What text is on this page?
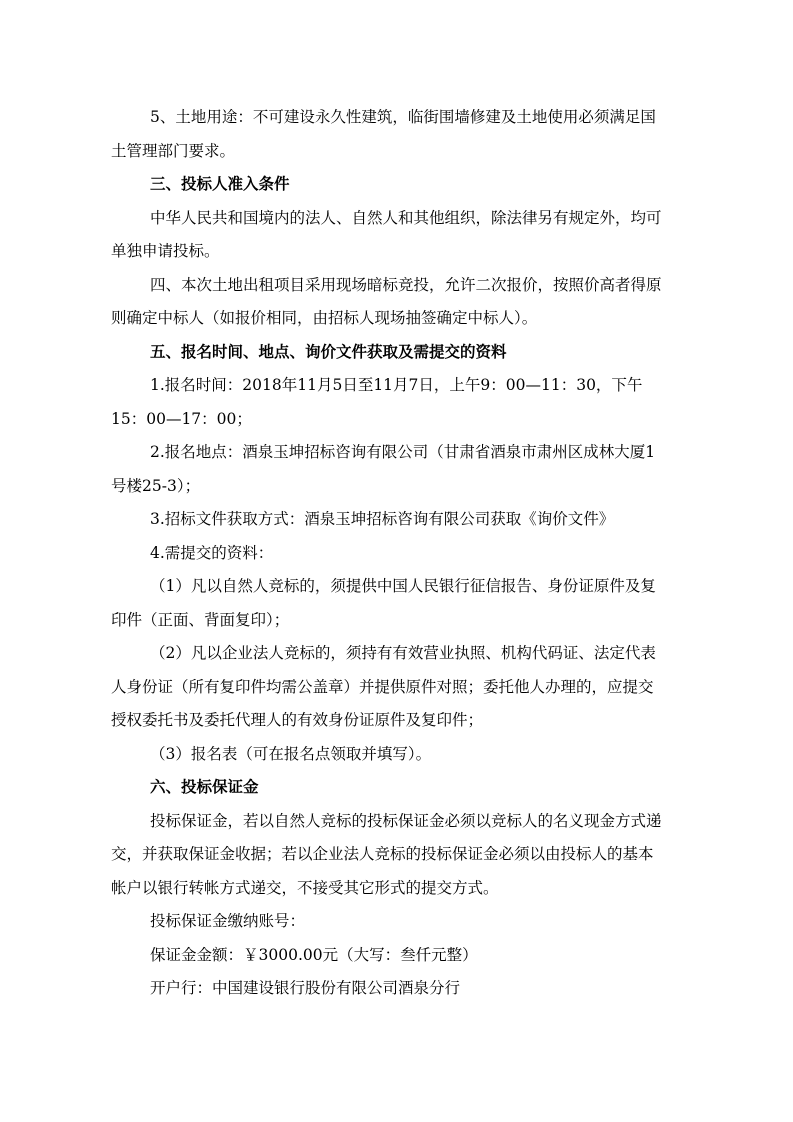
5、土地用途：不可建设永久性建筑，临街围墙修建及土地使用必须满足国
土管理部门要求。
三、投标人准入条件
中华人民共和国境内的法人、自然人和其他组织，除法律另有规定外，均可
单独申请投标。
四、本次土地出租项目采用现场暗标竞投，允许二次报价，按照价高者得原
则确定中标人（如报价相同，由招标人现场抽签确定中标人）。
五、报名时间、地点、询价文件获取及需提交的资料
1.报名时间：2018年11月5日至11月7日，上午9：00—11：30，下午
15：00—17：00；
2.报名地点：酒泉玉坤招标咨询有限公司（甘肃省酒泉市肃州区成林大厦1
号楼25-3）；
3.招标文件获取方式：酒泉玉坤招标咨询有限公司获取《询价文件》
4.需提交的资料：
（1）凡以自然人竞标的，须提供中国人民银行征信报告、身份证原件及复
印件（正面、背面复印）；
（2）凡以企业法人竞标的，须持有有效营业执照、机构代码证、法定代表
人身份证（所有复印件均需公盖章）并提供原件对照；委托他人办理的，应提交
授权委托书及委托代理人的有效身份证原件及复印件；
（3）报名表（可在报名点领取并填写）。
六、投标保证金
投标保证金，若以自然人竞标的投标保证金必须以竞标人的名义现金方式递
交，并获取保证金收据；若以企业法人竞标的投标保证金必须以由投标人的基本
帐户以银行转帐方式递交，不接受其它形式的提交方式。
投标保证金缴纳账号：
保证金金额：￥3000.00元（大写：叁仟元整）
开户行：中国建设银行股份有限公司酒泉分行
